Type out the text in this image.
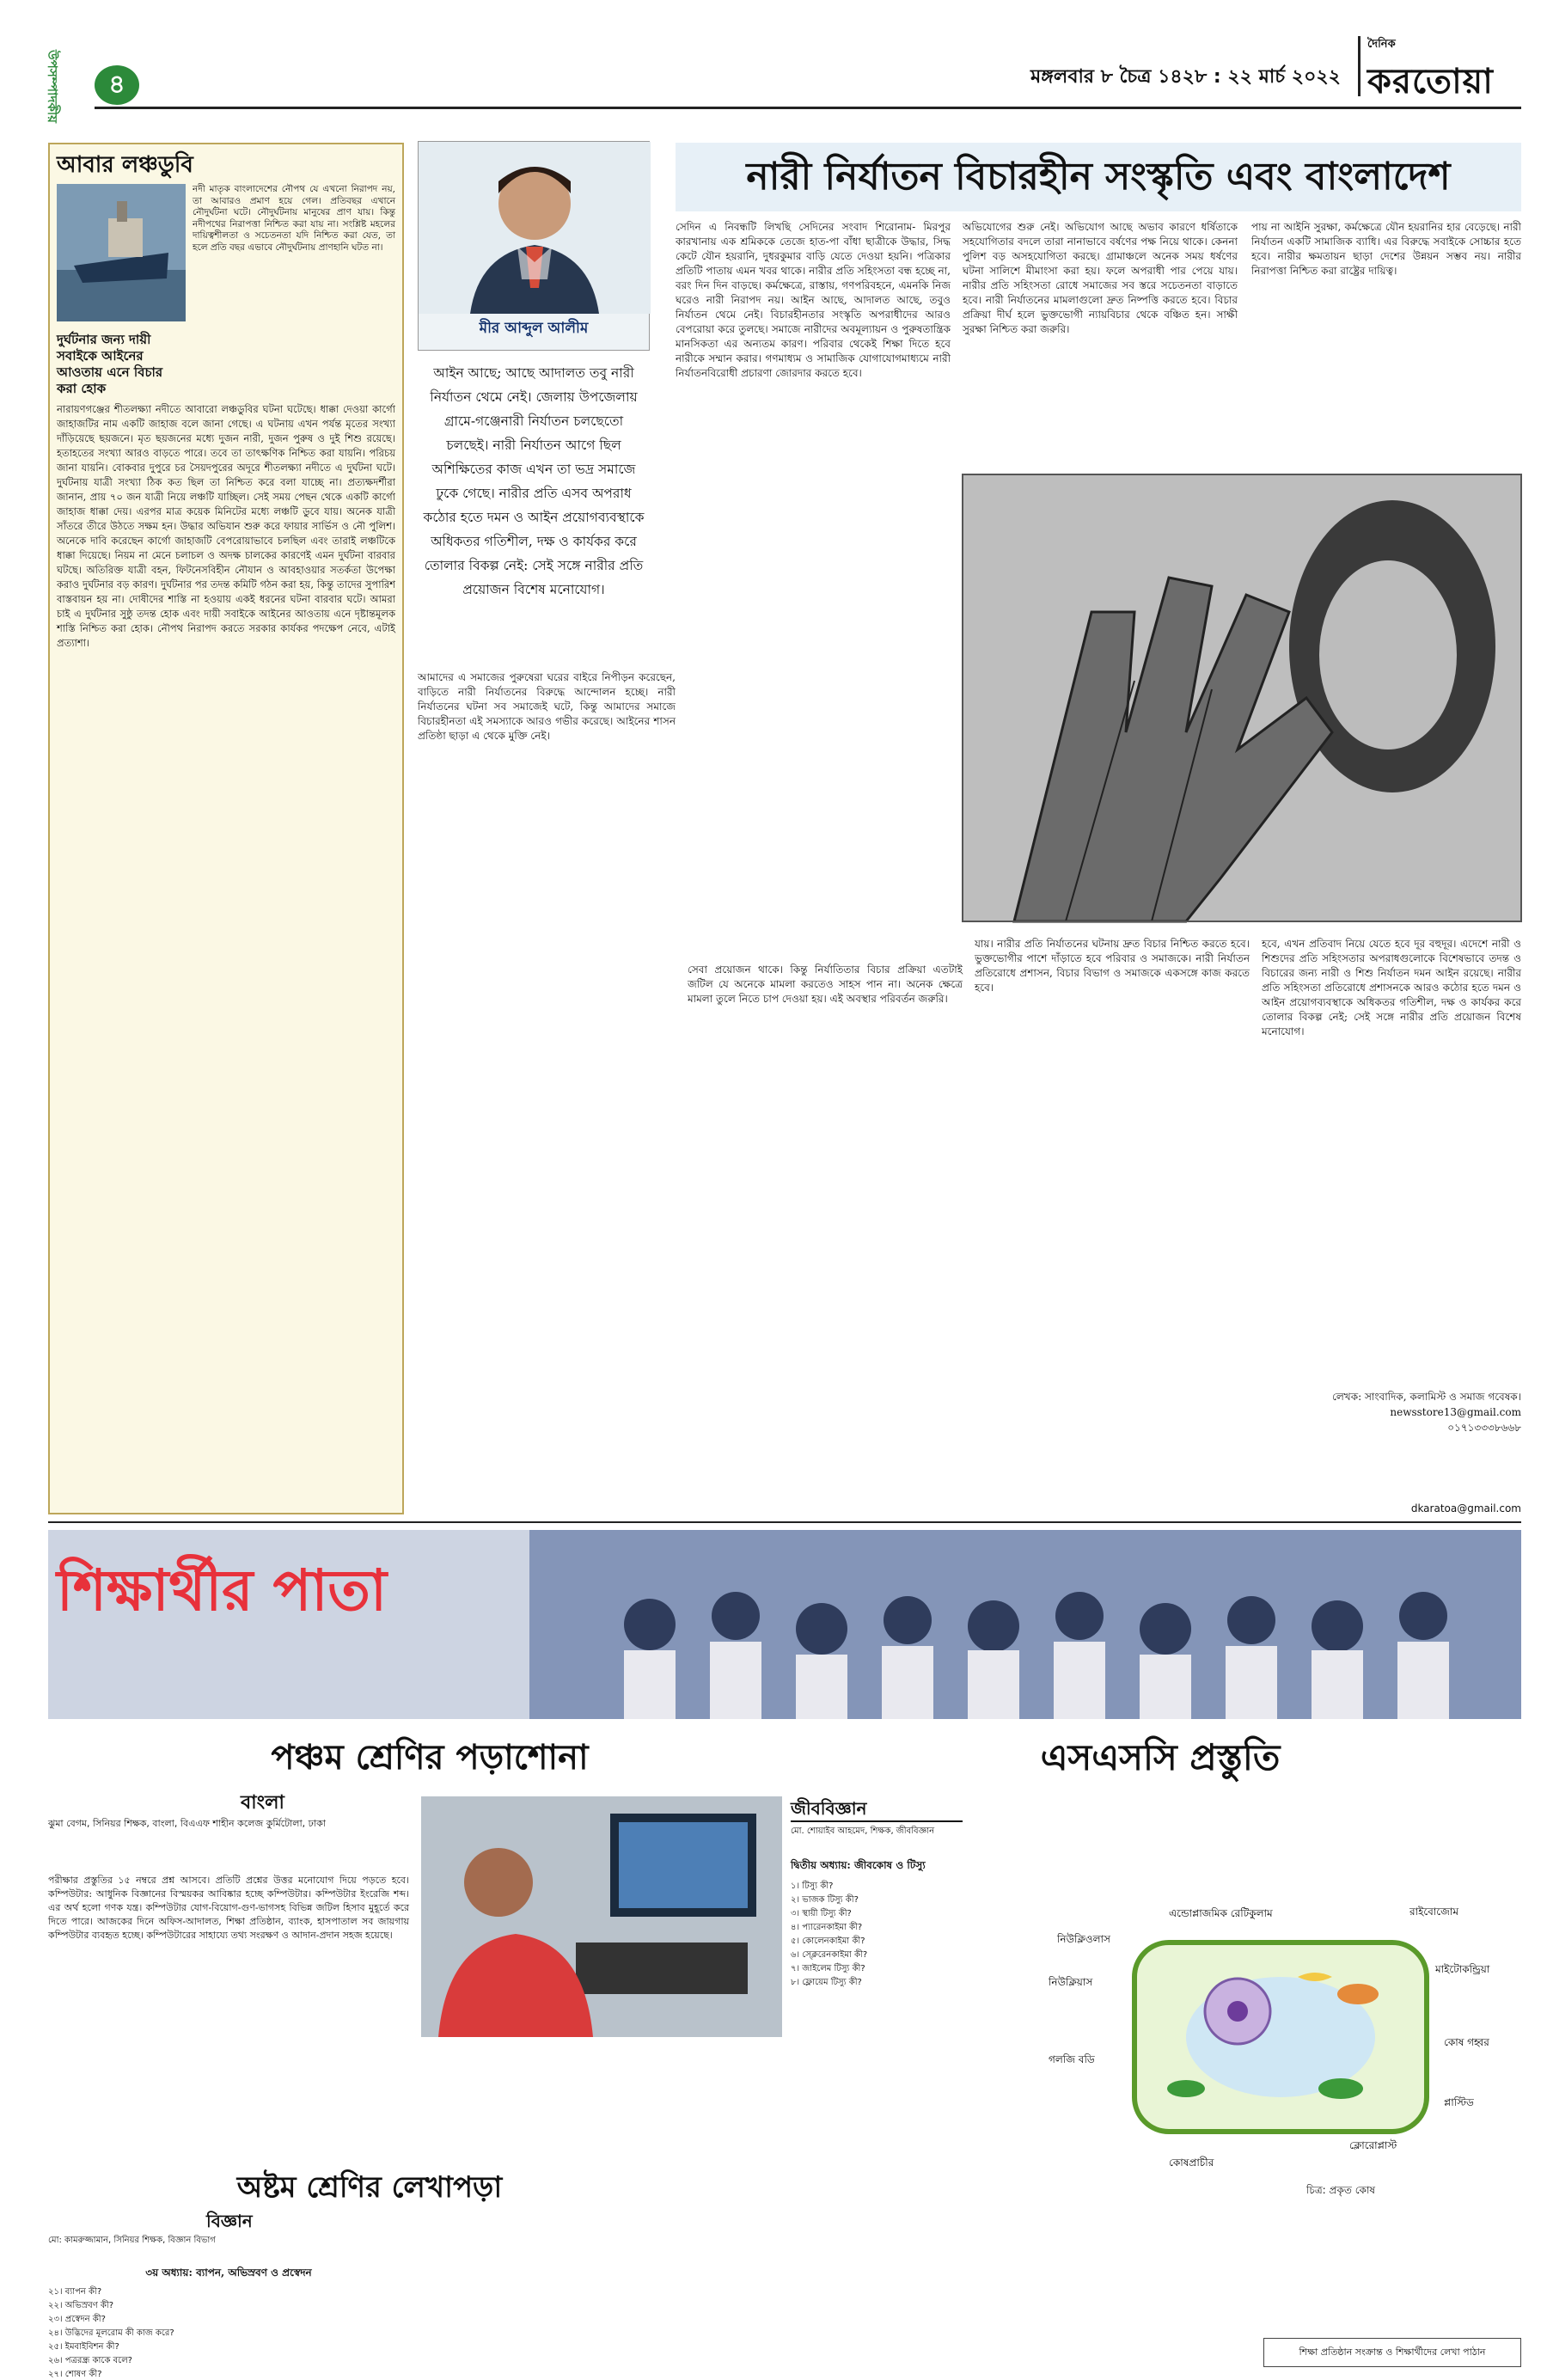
৪	মঙ্গলবার ৮ চৈত্র ১৪২৮ : ২২ মার্চ ২০২২
দৈনিক
করতোয়া
উপসম্পাদকীয়
আবার লঞ্চডুবি
দুর্ঘটনার জন্য দায়ী সবাইকে আইনের আওতায় এনে বিচার করা হোক
নদী মাতৃক বাংলাদেশের নৌপথ যে এখনো নিরাপদ নয়, তা আবারও প্রমাণ হয়ে গেল। প্রতিবছর এখানে নৌদুর্ঘটনা ঘটে। নৌদুর্ঘটনায় মানুষের প্রাণ যায়। কিন্তু নদীপথের নিরাপত্তা নিশ্চিত করা যায় না। সংশ্লিষ্ট মহলের দায়িত্বশীলতা ও সচেতনতা যদি নিশ্চিত করা যেত, তা হলে প্রতি বছর এভাবে নৌদুর্ঘটনায় প্রাণহানি ঘটত না।
নারায়ণগঞ্জের শীতলক্ষ্যা নদীতে আবারো লঞ্চডুবির ঘটনা ঘটেছে। ধাক্কা দেওয়া কার্গো জাহাজটির নাম একটি জাহাজ বলে জানা গেছে। এ ঘটনায় এখন পর্যন্ত মৃতের সংখ্যা দাঁড়িয়েছে ছয়জনে। মৃত ছয়জনের মধ্যে দুজন নারী, দুজন পুরুষ ও দুই শিশু রয়েছে। হতাহতের সংখ্যা আরও বাড়তে পারে। তবে তা তাৎক্ষণিক নিশ্চিত করা যায়নি। পরিচয় জানা যায়নি। বোকবার দুপুরে চর সৈয়দপুরের অদূরে শীতলক্ষ্যা নদীতে এ দুর্ঘটনা ঘটে। দুর্ঘটনায় যাত্রী সংখ্যা ঠিক কত ছিল তা নিশ্চিত করে বলা যাচ্ছে না। প্রত্যক্ষদর্শীরা জানান, প্রায় ৭০ জন যাত্রী নিয়ে লঞ্চটি যাচ্ছিল। সেই সময় পেছন থেকে একটি কার্গো জাহাজ ধাক্কা দেয়। এরপর মাত্র কয়েক মিনিটের মধ্যে লঞ্চটি ডুবে যায়। অনেক যাত্রী সাঁতরে তীরে উঠতে সক্ষম হন। উদ্ধার অভিযান শুরু করে ফায়ার সার্ভিস ও নৌ পুলিশ। অনেকে দাবি করেছেন কার্গো জাহাজটি বেপরোয়াভাবে চলছিল এবং তারাই লঞ্চটিকে ধাক্কা দিয়েছে। নিয়ম না মেনে চলাচল ও অদক্ষ চালকের কারণেই এমন দুর্ঘটনা বারবার ঘটছে। অতিরিক্ত যাত্রী বহন, ফিটনেসবিহীন নৌযান ও আবহাওয়ার সতর্কতা উপেক্ষা করাও দুর্ঘটনার বড় কারণ। দুর্ঘটনার পর তদন্ত কমিটি গঠন করা হয়, কিন্তু তাদের সুপারিশ বাস্তবায়ন হয় না। দোষীদের শাস্তি না হওয়ায় একই ধরনের ঘটনা বারবার ঘটে। আমরা চাই এ দুর্ঘটনার সুষ্ঠু তদন্ত হোক এবং দায়ী সবাইকে আইনের আওতায় এনে দৃষ্টান্তমূলক শাস্তি নিশ্চিত করা হোক। নৌপথ নিরাপদ করতে সরকার কার্যকর পদক্ষেপ নেবে, এটাই প্রত্যাশা।
মীর আব্দুল আলীম
আইন আছে; আছে আদালত তবু নারী নির্যাতন থেমে নেই। জেলায় উপজেলায় গ্রামে-গঞ্জেনারী নির্যাতন চলছেতো চলছেই। নারী নির্যাতন আগে ছিল অশিক্ষিতের কাজ এখন তা ভদ্র সমাজে ঢুকে গেছে। নারীর প্রতি এসব অপরাধ কঠোর হতে দমন ও আইন প্রয়োগব্যবস্থাকে অধিকতর গতিশীল, দক্ষ ও কার্যকর করে তোলার বিকল্প নেই: সেই সঙ্গে নারীর প্রতি প্রয়োজন বিশেষ মনোযোগ।
নারী নির্যাতন বিচারহীন সংস্কৃতি এবং বাংলাদেশ
সেদিন এ নিবন্ধটি লিখছি সেদিনের সংবাদ শিরোনাম- মিরপুর কারখানায় এক শ্রমিককে তেজে হাত-পা বাঁধা ছাত্রীকে উদ্ধার, সিদ্ধ কেটে যৌন হয়রানি, দুধরকুমার বাড়ি যেতে দেওয়া হয়নি। পত্রিকার প্রতিটি পাতায় এমন খবর থাকে। নারীর প্রতি সহিংসতা বন্ধ হচ্ছে না, বরং দিন দিন বাড়ছে। কর্মক্ষেত্রে, রাস্তায়, গণপরিবহনে, এমনকি নিজ ঘরেও নারী নিরাপদ নয়। আইন আছে, আদালত আছে, তবুও নির্যাতন থেমে নেই। বিচারহীনতার সংস্কৃতি অপরাধীদের আরও বেপরোয়া করে তুলছে। সমাজে নারীদের অবমূল্যায়ন ও পুরুষতান্ত্রিক মানসিকতা এর অন্যতম কারণ। পরিবার থেকেই শিক্ষা দিতে হবে নারীকে সম্মান করার। গণমাধ্যম ও সামাজিক যোগাযোগমাধ্যমে নারী নির্যাতনবিরোধী প্রচারণা জোরদার করতে হবে।
অভিযোগের শুরু নেই। অভিযোগ আছে অভাব কারণে ধর্ষিতাকে সহযোগিতার বদলে তারা নানাভাবে বর্ষণের পক্ষ নিয়ে থাকে। কেননা পুলিশ বড় অসহযোগিতা করছে। গ্রামাঞ্চলে অনেক সময় ধর্ষণের ঘটনা সালিশে মীমাংসা করা হয়। ফলে অপরাধী পার পেয়ে যায়। নারীর প্রতি সহিংসতা রোধে সমাজের সব স্তরে সচেতনতা বাড়াতে হবে। নারী নির্যাতনের মামলাগুলো দ্রুত নিষ্পত্তি করতে হবে। বিচার প্রক্রিয়া দীর্ঘ হলে ভুক্তভোগী ন্যায়বিচার থেকে বঞ্চিত হন। সাক্ষী সুরক্ষা নিশ্চিত করা জরুরি।
পায় না আইনি সুরক্ষা, কর্মক্ষেত্রে যৌন হয়রানির হার বেড়েছে। নারী নির্যাতন একটি সামাজিক ব্যাধি। এর বিরুদ্ধে সবাইকে সোচ্চার হতে হবে। নারীর ক্ষমতায়ন ছাড়া দেশের উন্নয়ন সম্ভব নয়। নারীর নিরাপত্তা নিশ্চিত করা রাষ্ট্রের দায়িত্ব।
আমাদের এ সমাজের পুরুষেরা ঘরের বাইরে নিপীড়ন করেছেন, বাড়িতে নারী নির্যাতনের বিরুদ্ধে আন্দোলন হচ্ছে। নারী নির্যাতনের ঘটনা সব সমাজেই ঘটে, কিন্তু আমাদের সমাজে বিচারহীনতা এই সমস্যাকে আরও গভীর করেছে। আইনের শাসন প্রতিষ্ঠা ছাড়া এ থেকে মুক্তি নেই।
সেবা প্রয়োজন থাকে। কিন্তু নির্যাতিতার বিচার প্রক্রিয়া এতটাই জটিল যে অনেকে মামলা করতেও সাহস পান না। অনেক ক্ষেত্রে মামলা তুলে নিতে চাপ দেওয়া হয়। এই অবস্থার পরিবর্তন জরুরি।
যায়। নারীর প্রতি নির্যাতনের ঘটনায় দ্রুত বিচার নিশ্চিত করতে হবে। ভুক্তভোগীর পাশে দাঁড়াতে হবে পরিবার ও সমাজকে। নারী নির্যাতন প্রতিরোধে প্রশাসন, বিচার বিভাগ ও সমাজকে একসঙ্গে কাজ করতে হবে।
হবে, এখন প্রতিবাদ নিয়ে যেতে হবে দূর বহুদূর। এদেশে নারী ও শিশুদের প্রতি সহিংসতার অপরাধগুলোকে বিশেষভাবে তদন্ত ও বিচারের জন্য নারী ও শিশু নির্যাতন দমন আইন রয়েছে। নারীর প্রতি সহিংসতা প্রতিরোধে প্রশাসনকে আরও কঠোর হতে দমন ও আইন প্রয়োগব্যবস্থাকে অধিকতর গতিশীল, দক্ষ ও কার্যকর করে তোলার বিকল্প নেই; সেই সঙ্গে নারীর প্রতি প্রয়োজন বিশেষ মনোযোগ।
লেখক: সাংবাদিক, কলামিস্ট ও সমাজ গবেষক।
newsstore13@gmail.com
০১৭১৩৩৩৮৬৬৮
dkaratoa@gmail.com
শিক্ষার্থীর পাতা
পঞ্চম শ্রেণির পড়াশোনা
বাংলা
ঝুমা বেগম, সিনিয়র শিক্ষক, বাংলা, বিএএফ শাহীন কলেজ কুর্মিটোলা, ঢাকা
পরীক্ষার প্রস্তুতির ১৫ নম্বরে প্রশ্ন আসবে। প্রতিটি প্রশ্নের উত্তর মনোযোগ দিয়ে পড়তে হবে। কম্পিউটার: আধুনিক বিজ্ঞানের বিস্ময়কর আবিষ্কার হচ্ছে কম্পিউটার। কম্পিউটার ইংরেজি শব্দ। এর অর্থ হলো গণক যন্ত্র। কম্পিউটার যোগ-বিয়োগ-গুণ-ভাগসহ বিভিন্ন জটিল হিসাব মুহূর্তে করে দিতে পারে। আজকের দিনে অফিস-আদালত, শিক্ষা প্রতিষ্ঠান, ব্যাংক, হাসপাতাল সব জায়গায় কম্পিউটার ব্যবহৃত হচ্ছে। কম্পিউটারের সাহায্যে তথ্য সংরক্ষণ ও আদান-প্রদান সহজ হয়েছে।
অষ্টম শ্রেণির লেখাপড়া
বিজ্ঞান
মো: কামরুজ্জামান, সিনিয়র শিক্ষক, বিজ্ঞান বিভাগ
৩য় অধ্যায়: ব্যাপন, অভিস্রবণ ও প্রস্বেদন
২১। ব্যাপন কী?
২২। অভিস্রবণ কী?
২৩। প্রস্বেদন কী?
২৪। উদ্ভিদের মূলরোম কী কাজ করে?
২৫। ইমবাইবিশন কী?
২৬। পত্ররন্ধ্র কাকে বলে?
২৭। শোষণ কী?
এসএসসি প্রস্তুতি
জীববিজ্ঞান
মো. শোয়াইব আহমেদ, শিক্ষক, জীববিজ্ঞান
দ্বিতীয় অধ্যায়: জীবকোষ ও টিস্যু
১। টিস্যু কী?
২। ভাজক টিস্যু কী?
৩। স্থায়ী টিস্যু কী?
৪। প্যারেনকাইমা কী?
৫। কোলেনকাইমা কী?
৬। স্ক্লেরেনকাইমা কী?
৭। জাইলেম টিস্যু কী?
৮। ফ্লোয়েম টিস্যু কী?
এন্ডোপ্লাজমিক রেটিকুলাম	রাইবোজোম
নিউক্লিওলাস
নিউক্লিয়াস
মাইটোকন্ড্রিয়া
কোষ গহ্বর
প্লাস্টিড
ক্লোরোপ্লাস্ট
কোষপ্রাচীর
গলজি বডি
চিত্র: প্রকৃত কোষ
শিক্ষা প্রতিষ্ঠান সংক্রান্ত ও শিক্ষার্থীদের লেখা পাঠান
